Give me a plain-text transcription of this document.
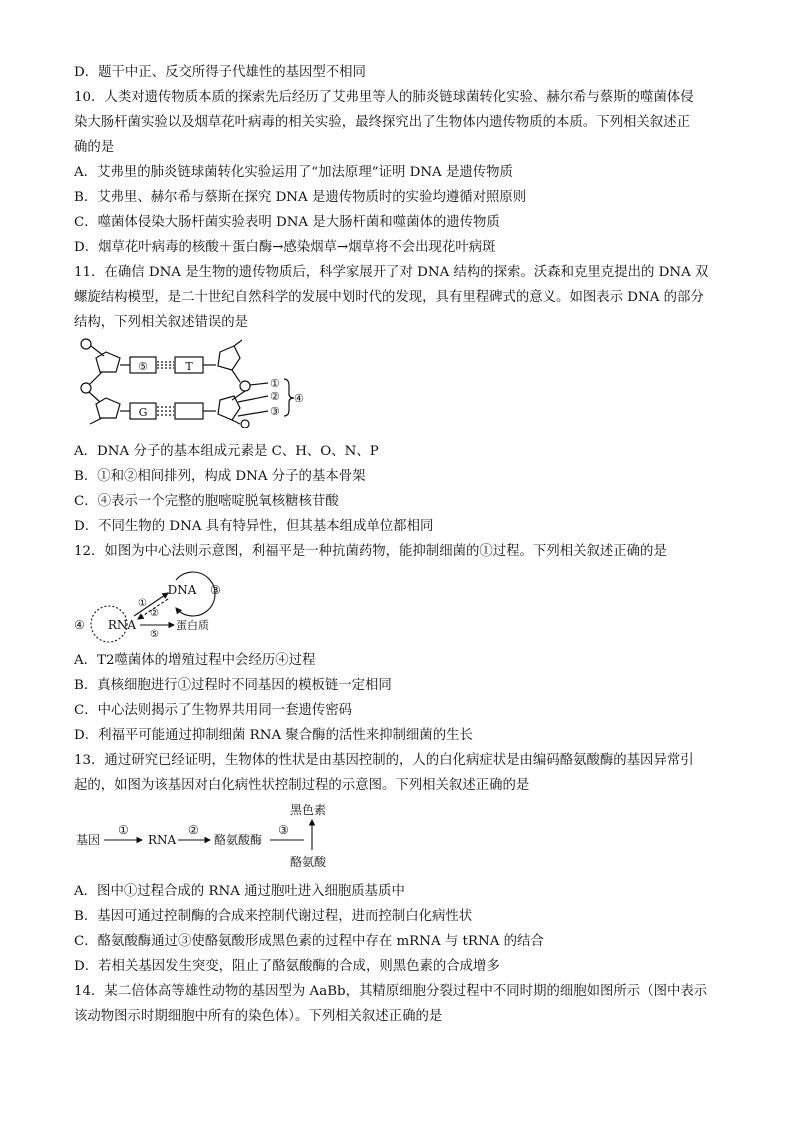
D．题干中正、反交所得子代雄性的基因型不相同
10．人类对遗传物质本质的探索先后经历了艾弗里等人的肺炎链球菌转化实验、赫尔希与蔡斯的噬菌体侵
染大肠杆菌实验以及烟草花叶病毒的相关实验，最终探究出了生物体内遗传物质的本质。下列相关叙述正
确的是
A．艾弗里的肺炎链球菌转化实验运用了“加法原理”证明 DNA 是遗传物质
B．艾弗里、赫尔希与蔡斯在探究 DNA 是遗传物质时的实验均遵循对照原则
C．噬菌体侵染大肠杆菌实验表明 DNA 是大肠杆菌和噬菌体的遗传物质
D．烟草花叶病毒的核酸＋蛋白酶→感染烟草→烟草将不会出现花叶病斑
11．在确信 DNA 是生物的遗传物质后，科学家展开了对 DNA 结构的探索。沃森和克里克提出的 DNA 双
螺旋结构模型，是二十世纪自然科学的发展中划时代的发现，具有里程碑式的意义。如图表示 DNA 的部分
结构，下列相关叙述错误的是
⑤	T
G
①
②
③
④
A．DNA 分子的基本组成元素是 C、H、O、N、P
B．①和②相间排列，构成 DNA 分子的基本骨架
C．④表示一个完整的胞嘧啶脱氧核糖核苷酸
D．不同生物的 DNA 具有特异性，但其基本组成单位都相同
12．如图为中心法则示意图，利福平是一种抗菌药物，能抑制细菌的①过程。下列相关叙述正确的是
DNA
RNA	蛋白质
①
②
③
④
⑤
A．T2噬菌体的增殖过程中会经历④过程
B．真核细胞进行①过程时不同基因的模板链一定相同
C．中心法则揭示了生物界共用同一套遗传密码
D．利福平可能通过抑制细菌 RNA 聚合酶的活性来抑制细菌的生长
13．通过研究已经证明，生物体的性状是由基因控制的，人的白化病症状是由编码酪氨酸酶的基因异常引
起的，如图为该基因对白化病性状控制过程的示意图。下列相关叙述正确的是
基因
①
RNA
②
酪氨酸酶
③
黑色素
酪氨酸
A．图中①过程合成的 RNA 通过胞吐进入细胞质基质中
B．基因可通过控制酶的合成来控制代谢过程，进而控制白化病性状
C．酪氨酸酶通过③使酪氨酸形成黑色素的过程中存在 mRNA 与 tRNA 的结合
D．若相关基因发生突变，阻止了酪氨酸酶的合成，则黑色素的合成增多
14．某二倍体高等雄性动物的基因型为 AaBb，其精原细胞分裂过程中不同时期的细胞如图所示（图中表示
该动物图示时期细胞中所有的染色体）。下列相关叙述正确的是
